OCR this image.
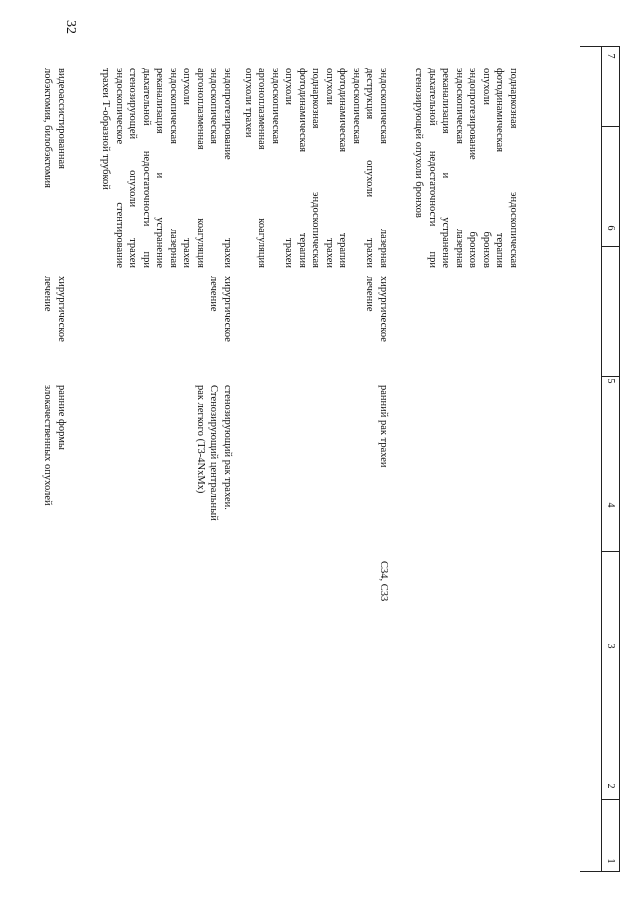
32
7
6
5
4
3
2
1
поднаркозная эндоскопическая
фотодинамическая терапия
опухоли бронхов
эндопротезирование бронхов
эндоскопическая лазерная
реканализация и устранение
дыхательной недостаточности при
стенозирующей опухоли бронхов
эндоскопическая лазерная
деструкция опухоли трахеи
эндоскопическая
фотодинамическая терапия
опухоли трахеи
поднаркозная эндоскопическая
фотодинамическая терапия
опухоли трахеи
эндоскопическая
аргоноплазменная коагуляция
опухоли трахеи
хирургическое
лечение
ранний рак трахеи
C34, C33
эндопротезирование трахеи
эндоскопическая
аргоноплазменная коагуляция
опухоли трахеи
эндоскопическая лазерная
реканализация и устранение
дыхательной недостаточности при
стенозирующей опухоли трахеи
эндоскопическое стентирование
трахеи Т-образной трубкой
хирургическое
лечение
стенозирующий рак трахеи.
Стенозирующий центральный
рак легкого (T3-4NxMx)
видеоассистированная
лобэктомия, билобэктомия
хирургическое
лечение
ранние формы
злокачественных опухолей
